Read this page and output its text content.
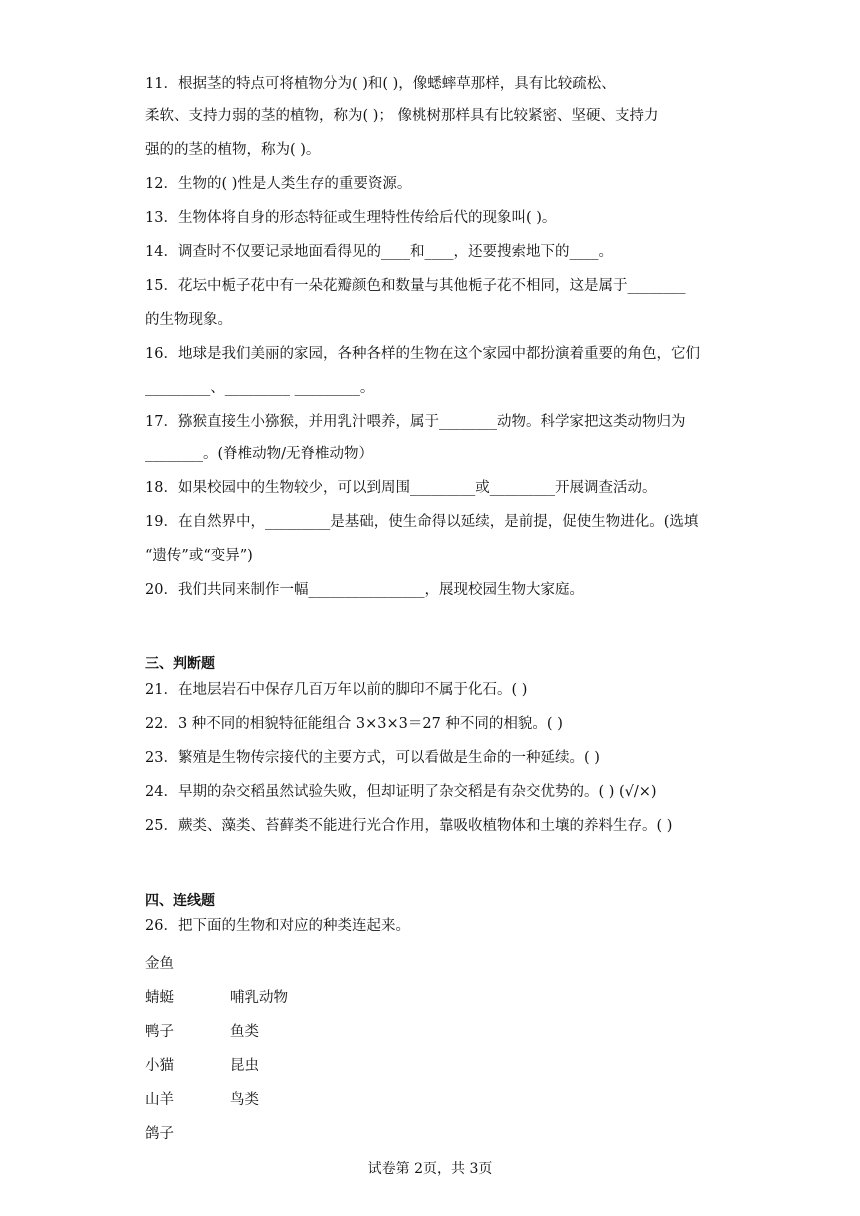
11．根据茎的特点可将植物分为( )和( )，像蟋蟀草那样，具有比较疏松、
柔软、支持力弱的茎的植物，称为( )； 像桃树那样具有比较紧密、坚硬、支持力
强的的茎的植物，称为( )。
12．生物的( )性是人类生存的重要资源。
13．生物体将自身的形态特征或生理特性传给后代的现象叫( )。
14．调查时不仅要记录地面看得见的____和____，还要搜索地下的____。
15．花坛中栀子花中有一朵花瓣颜色和数量与其他栀子花不相同，这是属于________
的生物现象。
16．地球是我们美丽的家园，各种各样的生物在这个家园中都扮演着重要的角色，它们
_________、_________ _________。
17．猕猴直接生小猕猴，并用乳汁喂养，属于________动物。科学家把这类动物归为
________。(脊椎动物/无脊椎动物）
18．如果校园中的生物较少，可以到周围_________或_________开展调查活动。
19．在自然界中，_________是基础，使生命得以延续，是前提，促使生物进化。(选填
“遗传”或“变异”)
20．我们共同来制作一幅________________，展现校园生物大家庭。
三、判断题
21．在地层岩石中保存几百万年以前的脚印不属于化石。( )
22．3 种不同的相貌特征能组合 3×3×3＝27 种不同的相貌。( )
23．繁殖是生物传宗接代的主要方式，可以看做是生命的一种延续。( )
24．早期的杂交稻虽然试验失败，但却证明了杂交稻是有杂交优势的。( ) (√/×)
25．蕨类、藻类、苔藓类不能进行光合作用，靠吸收植物体和土壤的养料生存。( )
四、连线题
26．把下面的生物和对应的种类连起来。
金鱼
蜻蜓
鸭子
小猫
山羊
鸽子
哺乳动物
鱼类
昆虫
鸟类
试卷第 2页，共 3页
